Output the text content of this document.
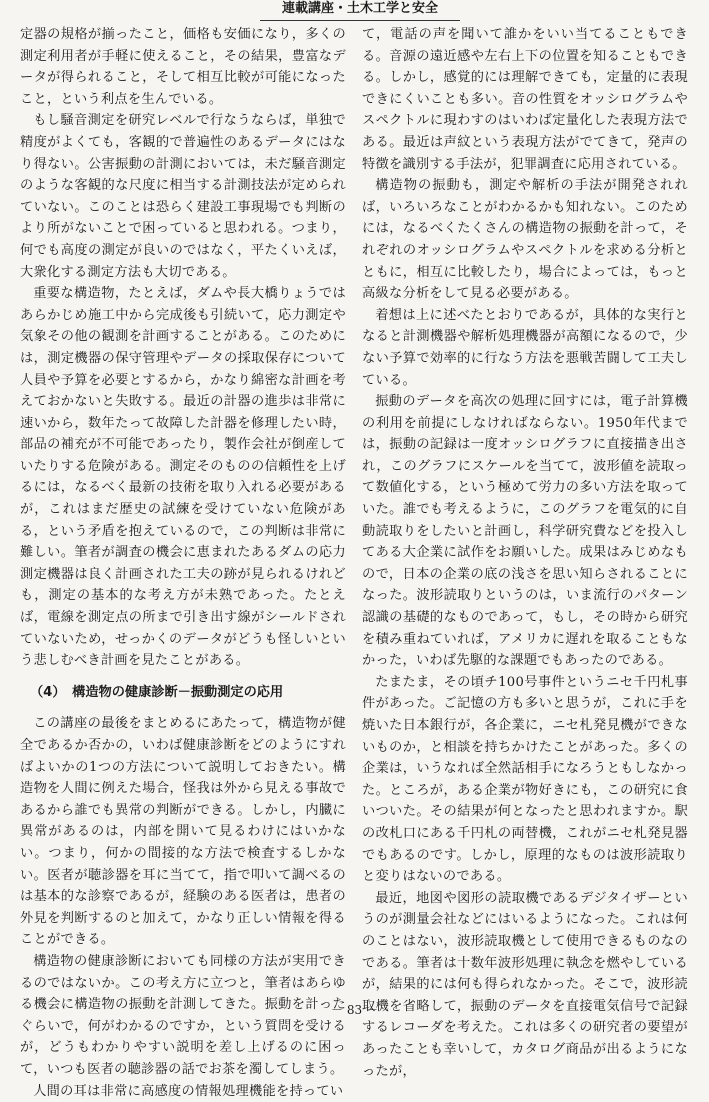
連載講座・土木工学と安全

定器の規格が揃ったこと，価格も安価になり，多くの測定利用者が手軽に使えること，その結果，豊富なデータが得られること，そして相互比較が可能になったこと，という利点を生んでいる。

もし騒音測定を研究レベルで行なうならば，単独で精度がよくても，客観的で普遍性のあるデータにはなり得ない。公害振動の計測においては，未だ騒音測定のような客観的な尺度に相当する計測技法が定められていない。このことは恐らく建設工事現場でも判断のより所がないことで困っていると思われる。つまり，何でも高度の測定が良いのではなく，平たくいえば，大衆化する測定方法も大切である。

重要な構造物，たとえば，ダムや長大橋りょうではあらかじめ施工中から完成後も引続いて，応力測定や気象その他の観測を計画することがある。このためには，測定機器の保守管理やデータの採取保存について人員や予算を必要とするから，かなり綿密な計画を考えておかないと失敗する。最近の計器の進歩は非常に速いから，数年たって故障した計器を修理したい時，部品の補充が不可能であったり，製作会社が倒産していたりする危険がある。測定そのものの信頼性を上げるには，なるべく最新の技術を取り入れる必要があるが，これはまだ歴史の試練を受けていない危険がある，という矛盾を抱えているので，この判断は非常に難しい。筆者が調査の機会に恵まれたあるダムの応力測定機器は良く計画された工夫の跡が見られるけれども，測定の基本的な考え方が未熟であった。たとえば，電線を測定点の所まで引き出す線がシールドされていないため，せっかくのデータがどうも怪しいという悲しむべき計画を見たことがある。

（4）　構造物の健康診断－振動測定の応用

この講座の最後をまとめるにあたって，構造物が健全であるか否かの，いわば健康診断をどのようにすればよいかの1つの方法について説明しておきたい。構造物を人間に例えた場合，怪我は外から見える事故であるから誰でも異常の判断ができる。しかし，内臓に異常があるのは，内部を開いて見るわけにはいかない。つまり，何かの間接的な方法で検査するしかない。医者が聴診器を耳に当てて，指で叩いて調べるのは基本的な診察であるが，経験のある医者は，患者の外見を判断するのと加えて，かなり正しい情報を得ることができる。

構造物の健康診断においても同様の方法が実用できるのではないか。この考え方に立つと，筆者はあらゆる機会に構造物の振動を計測してきた。振動を計ったぐらいで，何がわかるのですか，という質問を受けるが，どうもわかりやすい説明を差し上げるのに困って，いつも医者の聴診器の話でお茶を濁してしまう。

人間の耳は非常に高感度の情報処理機能を持ってい

て，電話の声を聞いて誰かをいい当てることもできる。音源の遠近感や左右上下の位置を知ることもできる。しかし，感覚的には理解できても，定量的に表現できにくいことも多い。音の性質をオッシログラムやスペクトルに現わすのはいわば定量化した表現方法である。最近は声紋という表現方法がでてきて，発声の特徴を識別する手法が，犯罪調査に応用されている。

構造物の振動も，測定や解析の手法が開発されれば，いろいろなことがわかるかも知れない。このためには，なるべくたくさんの構造物の振動を計って，それぞれのオッシログラムやスペクトルを求める分析とともに，相互に比較したり，場合によっては，もっと高級な分析をして見る必要がある。

着想は上に述べたとおりであるが，具体的な実行となると計測機器や解析処理機器が高額になるので，少ない予算で効率的に行なう方法を悪戦苦闘して工夫している。

振動のデータを高次の処理に回すには，電子計算機の利用を前提にしなければならない。1950年代までは，振動の記録は一度オッシログラフに直接描き出され，このグラフにスケールを当てて，波形値を読取って数値化する，という極めて労力の多い方法を取っていた。誰でも考えるように，このグラフを電気的に自動読取りをしたいと計画し，科学研究費などを投入してある大企業に試作をお願いした。成果はみじめなもので，日本の企業の底の浅さを思い知らされることになった。波形読取りというのは，いま流行のパターン認識の基礎的なものであって，もし，その時から研究を積み重ねていれば，アメリカに遅れを取ることもなかった，いわば先駆的な課題でもあったのである。

たまたま，その頃チ100号事件というニセ千円札事件があった。ご記憶の方も多いと思うが，これに手を焼いた日本銀行が，各企業に，ニセ札発見機ができないものか，と相談を持ちかけたことがあった。多くの企業は，いうなれば全然話相手になろうともしなかった。ところが，ある企業が物好きにも，この研究に食いついた。その結果が何となったと思われますか。駅の改札口にある千円札の両替機，これがニセ札発見器でもあるのです。しかし，原理的なものは波形読取りと変りはないのである。

最近，地図や図形の読取機であるデジタイザーというのが測量会社などにはいるようになった。これは何のことはない，波形読取機として使用できるものなのである。筆者は十数年波形処理に執念を燃やしているが，結果的には何も得られなかった。そこで，波形読取機を省略して，振動のデータを直接電気信号で記録するレコーダを考えた。これは多くの研究者の要望があったことも幸いして，カタログ商品が出るようになったが，

－ 83 －
